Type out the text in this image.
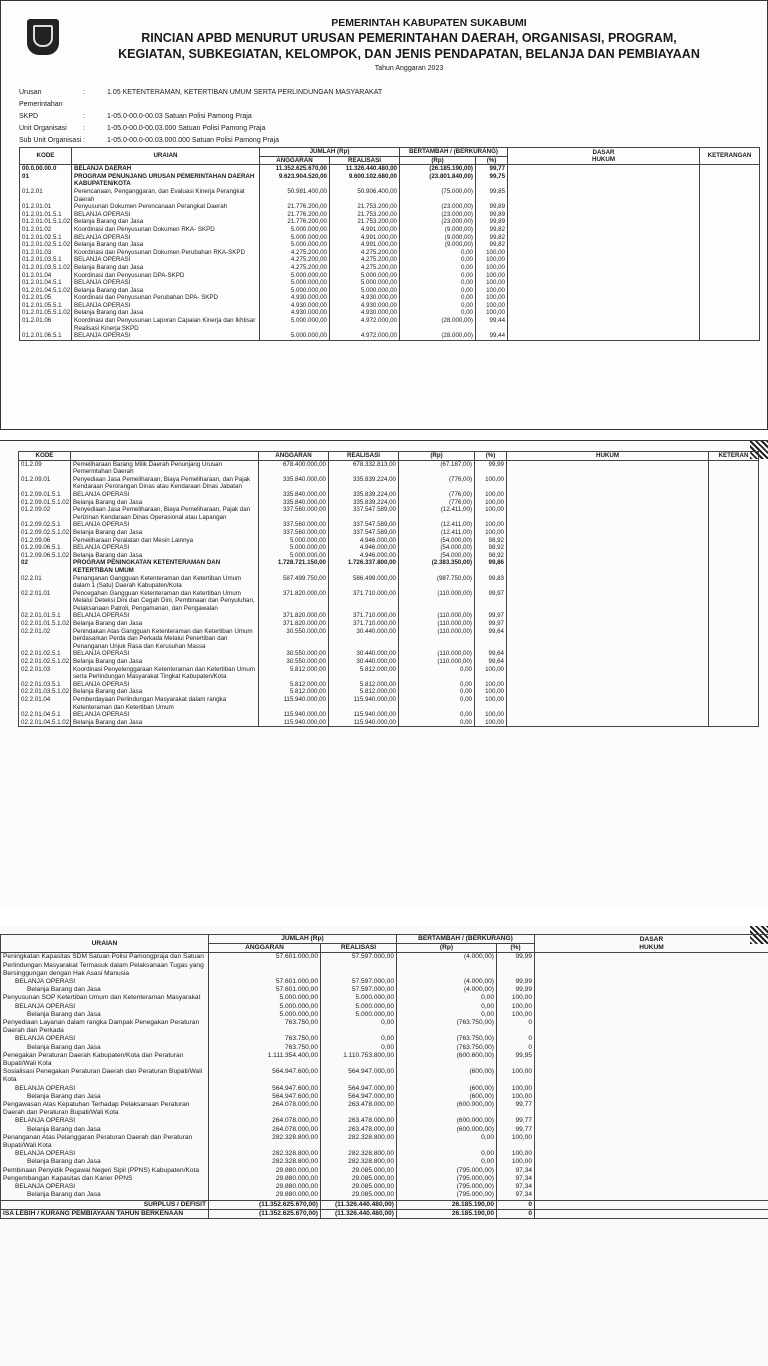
PEMERINTAH KABUPATEN SUKABUMI
RINCIAN APBD MENURUT URUSAN PEMERINTAHAN DAERAH, ORGANISASI, PROGRAM,
KEGIATAN, SUBKEGIATAN, KELOMPOK, DAN JENIS PENDAPATAN, BELANJA DAN PEMBIAYAAN
Tahun Anggaran 2023
Urusan Pemerintahan
:	1.05 KETENTERAMAN, KETERTIBAN UMUM SERTA PERLINDUNGAN MASYARAKAT
SKPD	:	1-05.0-00.0-00.03 Satuan Polisi Pamong Praja
Unit Organisasi	:	1-05.0-00.0-00.03.000 Satuan Polisi Pamong Praja
Sub Unit Organisasi :	1-05.0-00.0-00.03.000.000 Satuan Polisi Pamong Praja
KODE	URAIAN	JUMLAH (Rp)		BERTAMBAH / (BERKURANG)		DASAR
HUKUM	KETERANGAN
		ANGGARAN	REALISASI	(Rp)	(%)		
00.0.00.00.0	BELANJA DAERAH	11.352.625.670,00	11.326.440.480,00	(26.185.190,00)	99,77		
01	PROGRAM PENUNJANG URUSAN PEMERINTAHAN DAERAH KABUPATEN/KOTA	9.623.904.520,00	9.600.102.680,00	(23.801.840,00)	99,75		
01.2.01	Perencanaan, Penganggaran, dan Evaluasi Kinerja Perangkat Daerah	50.981.400,00	50.906.400,00	(75.000,00)	99,85		
01.2.01.01	Penyusunan Dokumen Perencanaan Perangkat Daerah	21.776.200,00	21.753.200,00	(23.000,00)	99,89		
01.2.01.01.5.1	BELANJA OPERASI	21.776.200,00	21.753.200,00	(23.000,00)	99,89		
01.2.01.01.5.1.02	Belanja Barang dan Jasa	21.776.200,00	21.753.200,00	(23.000,00)	99,89		
01.2.01.02	Koordinasi dan Penyusunan Dokumen RKA- SKPD	5.000.000,00	4.991.000,00	(9.000,00)	99,82		
01.2.01.02.5.1	BELANJA OPERASI	5.000.000,00	4.991.000,00	(9.000,00)	99,82		
01.2.01.02.5.1.02	Belanja Barang dan Jasa	5.000.000,00	4.991.000,00	(9.000,00)	99,82		
01.2.01.03	Koordinasi dan Penyusunan Dokumen Perubahan RKA-SKPD	4.275.200,00	4.275.200,00	0,00	100,00		
01.2.01.03.5.1	BELANJA OPERASI	4.275.200,00	4.275.200,00	0,00	100,00		
01.2.01.03.5.1.02	Belanja Barang dan Jasa	4.275.200,00	4.275.200,00	0,00	100,00		
01.2.01.04	Koordinasi dan Penyusunan DPA-SKPD	5.000.000,00	5.000.000,00	0,00	100,00		
01.2.01.04.5.1	BELANJA OPERASI	5.000.000,00	5.000.000,00	0,00	100,00		
01.2.01.04.5.1.02	Belanja Barang dan Jasa	5.000.000,00	5.000.000,00	0,00	100,00		
01.2.01.05	Koordinasi dan Penyusunan Perubahan DPA- SKPD	4.930.000,00	4.930.000,00	0,00	100,00		
01.2.01.05.5.1	BELANJA OPERASI	4.930.000,00	4.930.000,00	0,00	100,00		
01.2.01.05.5.1.02	Belanja Barang dan Jasa	4.930.000,00	4.930.000,00	0,00	100,00		
01.2.01.06	Koordinasi dan Penyusunan Laporan Capaian Kinerja dan Ikhtisar Realisasi Kinerja SKPD	5.000.000,00	4.972.000,00	(28.000,00)	99,44		
01.2.01.06.5.1	BELANJA OPERASI	5.000.000,00	4.972.000,00	(28.000,00)	99,44		
KODE		ANGGARAN	REALISASI	(Rp)	(%)	HUKUM	KETERAN
01.2.09	Pemeliharaan Barang Milik Daerah Penunjang Urusan Pemerintahan Daerah	678.400.000,00	678.332.813,00	(67.187,00)	99,99		
01.2.09.01	Penyediaan Jasa Pemeliharaan, Biaya Pemeliharaan, dan Pajak Kendaraan Perorangan Dinas atau Kendaraan Dinas Jabatan	335.840.000,00	335.839.224,00	(776,00)	100,00		
01.2.09.01.5.1	BELANJA OPERASI	335.840.000,00	335.839.224,00	(776,00)	100,00		
01.2.09.01.5.1.02	Belanja Barang dan Jasa	335.840.000,00	335.839.224,00	(776,00)	100,00		
01.2.09.02	Penyediaan Jasa Pemeliharaan, Biaya Pemeliharaan, Pajak dan Perizinan Kendaraan Dinas Operasional atau Lapangan	337.560.000,00	337.547.589,00	(12.411,00)	100,00		
01.2.09.02.5.1	BELANJA OPERASI	337.560.000,00	337.547.589,00	(12.411,00)	100,00		
01.2.09.02.5.1.02	Belanja Barang dan Jasa	337.560.000,00	337.547.589,00	(12.411,00)	100,00		
01.2.09.06	Pemeliharaan Peralatan dan Mesin Lainnya	5.000.000,00	4.946.000,00	(54.000,00)	98,92		
01.2.09.06.5.1	BELANJA OPERASI	5.000.000,00	4.946.000,00	(54.000,00)	98,92		
01.2.09.06.5.1.02	Belanja Barang dan Jasa	5.000.000,00	4.946.000,00	(54.000,00)	98,92		
02	PROGRAM PENINGKATAN KETENTERAMAN DAN KETERTIBAN UMUM	1.728.721.150,00	1.726.337.800,00	(2.383.350,00)	99,86		
02.2.01	Penanganan Gangguan Ketenteraman dan Ketertiban Umum dalam 1 (Satu) Daerah Kabupaten/Kota	587.499.750,00	586.499.000,00	(987.750,00)	99,83		
02.2.01.01	Pencegahan Gangguan Ketenteraman dan Ketertiban Umum Melalui Deteksi Dini dan Cegah Dini, Pembinaan dan Penyuluhan, Pelaksanaan Patroli, Pengamanan, dan Pengawalan	371.820.000,00	371.710.000,00	(110.000,00)	99,97		
02.2.01.01.5.1	BELANJA OPERASI	371.820.000,00	371.710.000,00	(110.000,00)	99,97		
02.2.01.01.5.1.02	Belanja Barang dan Jasa	371.820.000,00	371.710.000,00	(110.000,00)	99,97		
02.2.01.02	Penindakan Atas Gangguan Ketenteraman dan Ketertiban Umum berdasarkan Perda dan Perkada Melalui Penertiban dan Penanganan Unjuk Rasa dan Kerusuhan Massa	30.550.000,00	30.440.000,00	(110.000,00)	99,64		
02.2.01.02.5.1	BELANJA OPERASI	30.550.000,00	30.440.000,00	(110.000,00)	99,64		
02.2.01.02.5.1.02	Belanja Barang dan Jasa	30.550.000,00	30.440.000,00	(110.000,00)	99,64		
02.2.01.03	Koordinasi Penyelenggaraan Ketenteraman dan Ketertiban Umum serta Perlindungan Masyarakat Tingkat Kabupaten/Kota	5.812.000,00	5.812.000,00	0,00	100,00		
02.2.01.03.5.1	BELANJA OPERASI	5.812.000,00	5.812.000,00	0,00	100,00		
02.2.01.03.5.1.02	Belanja Barang dan Jasa	5.812.000,00	5.812.000,00	0,00	100,00		
02.2.01.04	Pemberdayaan Perlindungan Masyarakat dalam rangka Ketenteraman dan Ketertiban Umum	115.940.000,00	115.940.000,00	0,00	100,00		
02.2.01.04.5.1	BELANJA OPERASI	115.940.000,00	115.940.000,00	0,00	100,00		
02.2.01.04.5.1.02	Belanja Barang dan Jasa	115.940.000,00	115.940.000,00	0,00	100,00		
URAIAN	JUMLAH (Rp)		BERTAMBAH / (BERKURANG)		DASAR
HUKUM
	ANGGARAN	REALISASI	(Rp)	(%)	
Peningkatan Kapasitas SDM Satuan Polisi Pamongpraja dan Satuan Perlindungan Masyarakat Termasuk dalam Pelaksanaan Tugas yang Bersinggungan dengan Hak Asasi Manusia	57.601.000,00	57.597.000,00	(4.000,00)	99,99	
BELANJA OPERASI	57.601.000,00	57.597.000,00	(4.000,00)	99,99	
Belanja Barang dan Jasa	57.601.000,00	57.597.000,00	(4.000,00)	99,99	
Penyusunan SOP Ketertiban Umum dan Ketenteraman Masyarakat	5.000.000,00	5.000.000,00	0,00	100,00	
BELANJA OPERASI	5.000.000,00	5.000.000,00	0,00	100,00	
Belanja Barang dan Jasa	5.000.000,00	5.000.000,00	0,00	100,00	
Penyediaan Layanan dalam rangka Dampak Penegakan Peraturan Daerah dan Perkada	763.750,00	0,00	(763.750,00)	0	
BELANJA OPERASI	763.750,00	0,00	(763.750,00)	0	
Belanja Barang dan Jasa	763.750,00	0,00	(763.750,00)	0	
Penegakan Peraturan Daerah Kabupaten/Kota dan Peraturan Bupati/Wali Kota	1.111.354.400,00	1.110.753.800,00	(600.600,00)	99,95	
Sosialisasi Penegakan Peraturan Daerah dan Peraturan Bupati/Wali Kota	564.947.600,00	564.947.000,00	(600,00)	100,00	
BELANJA OPERASI	564.947.600,00	564.947.000,00	(600,00)	100,00	
Belanja Barang dan Jasa	564.947.600,00	564.947.000,00	(600,00)	100,00	
Pengawasan Atas Kepatuhan Terhadap Pelaksanaan Peraturan Daerah dan Peraturan Bupati/Wali Kota	264.078.000,00	263.478.000,00	(600.000,00)	99,77	
BELANJA OPERASI	264.078.000,00	263.478.000,00	(600.000,00)	99,77	
Belanja Barang dan Jasa	264.078.000,00	263.478.000,00	(600.000,00)	99,77	
Penanganan Atas Pelanggaran Peraturan Daerah dan Peraturan Bupati/Wali Kota	282.328.800,00	282.328.800,00	0,00	100,00	
BELANJA OPERASI	282.328.800,00	282.328.800,00	0,00	100,00	
Belanja Barang dan Jasa	282.328.800,00	282.328.800,00	0,00	100,00	
Pembinaan Penyidik Pegawai Negeri Sipil (PPNS) Kabupaten/Kota	29.880.000,00	29.085.000,00	(795.000,00)	97,34	
Pengembangan Kapasitas dan Karier PPNS	29.880.000,00	29.085.000,00	(795.000,00)	97,34	
BELANJA OPERASI	29.880.000,00	29.085.000,00	(795.000,00)	97,34	
Belanja Barang dan Jasa	29.880.000,00	29.085.000,00	(795.000,00)	97,34	
SURPLUS / DEFISIT	(11.352.625.670,00)	(11.326.440.480,00)	26.185.190,00	0	
ISA LEBIH / KURANG PEMBIAYAAN TAHUN BERKENAAN	(11.352.625.670,00)	(11.326.440.480,00)	26.185.190,00	0	
